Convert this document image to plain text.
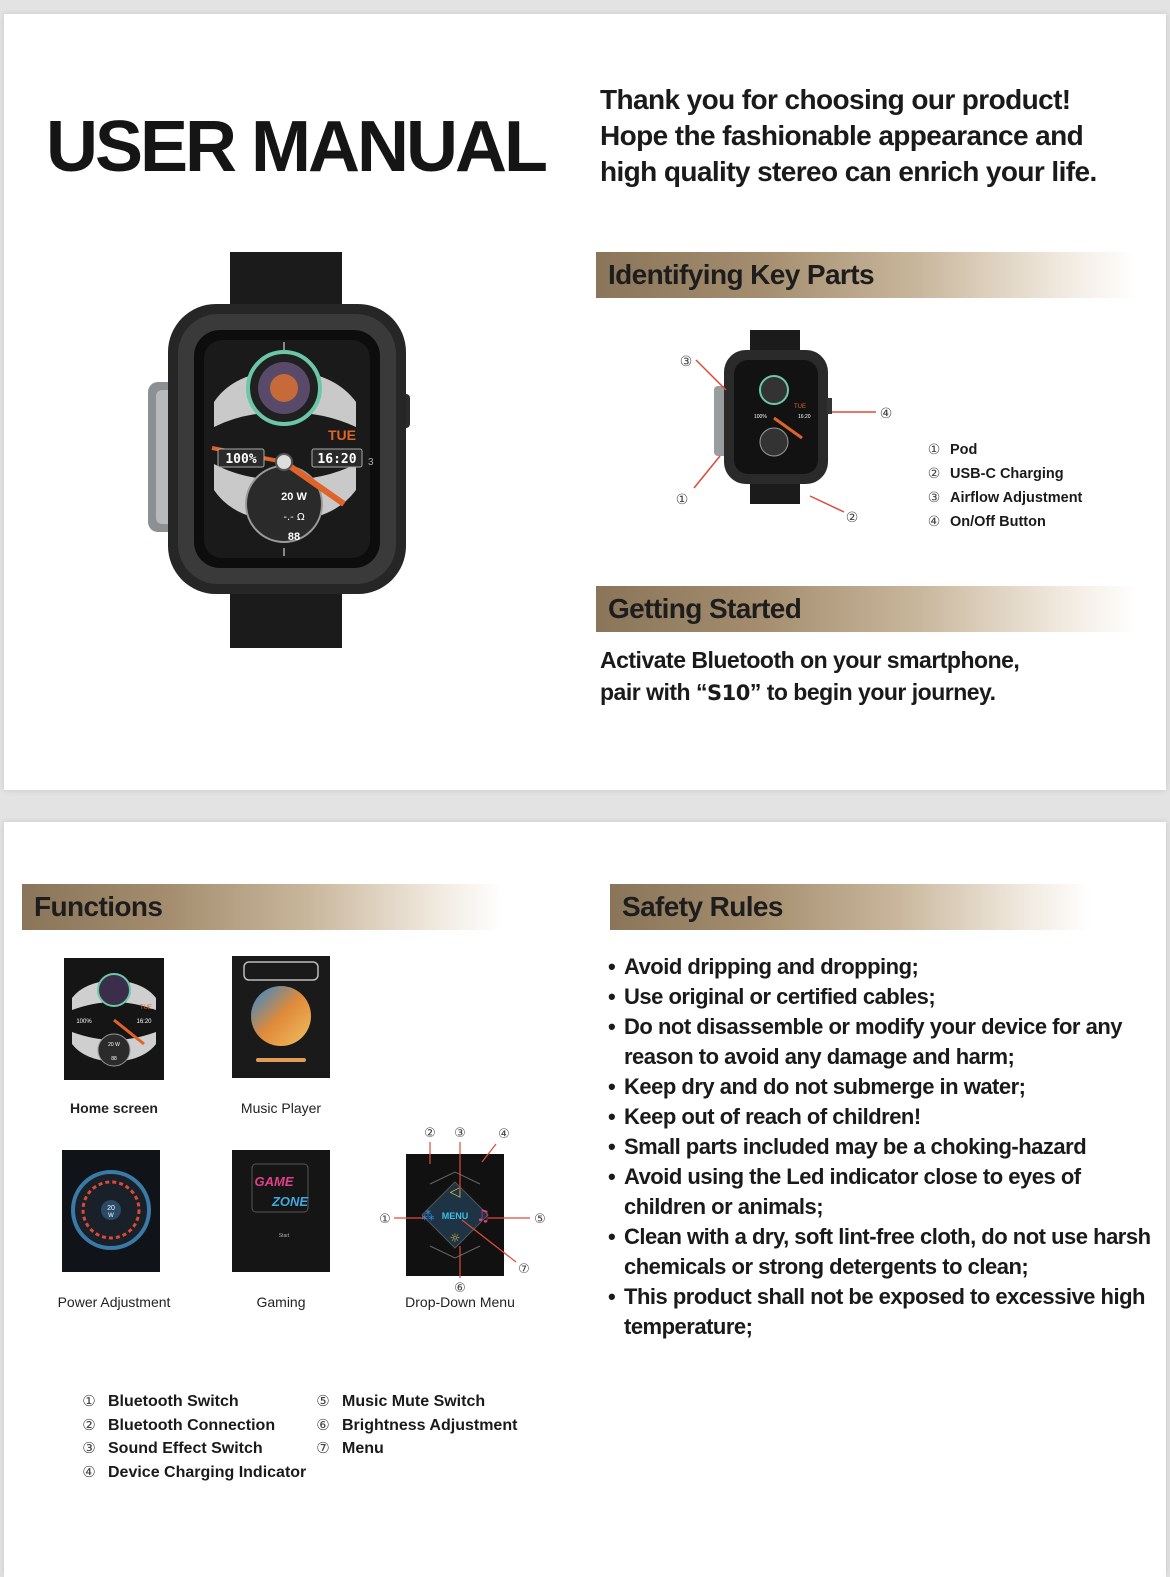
USER MANUAL
Thank you for choosing our product!
Hope the fashionable appearance and
high quality stereo can enrich your life.
100%	16:20
TUE
3
20 W
-.- Ω
88
Identifying Key Parts
TUE
100%	16:20
③
①
④
②
① Pod
② USB-C Charging
③ Airflow Adjustment
④ On/Off Button
Getting Started
Activate Bluetooth on your smartphone,
pair with “S10” to begin your journey.
Functions
100%	16:20
TUE
20 W
88
Home screen	Music Player
20
W
Power Adjustment
GAME
ZONE
Start
Gaming
MENU
⁂	♫
◁
☼
①
② ③ ④
⑤
⑥
⑦
Drop-Down Menu
① Bluetooth Switch
② Bluetooth Connection
③ Sound Effect Switch
④ Device Charging Indicator
⑤ Music Mute Switch
⑥ Brightness Adjustment
⑦ Menu
Safety Rules
• Avoid dripping and dropping;
• Use original or certified cables;
• Do not disassemble or modify your device for any reason to avoid any damage and harm;
• Keep dry and do not submerge in water;
• Keep out of reach of children!
• Small parts included may be a choking-hazard
• Avoid using the Led indicator close to eyes of children or animals;
• Clean with a dry, soft lint-free cloth, do not use harsh chemicals or strong detergents to clean;
• This product shall not be exposed to excessive high temperature;
